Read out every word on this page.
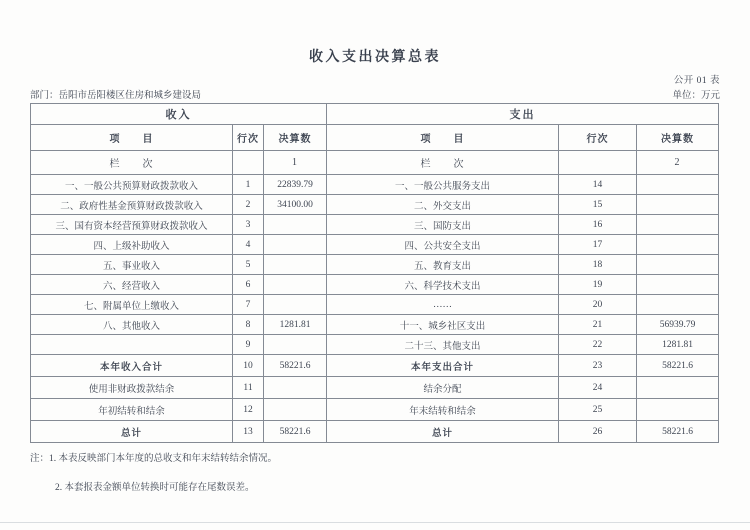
收入支出决算总表
公开 01 表
部门：岳阳市岳阳楼区住房和城乡建设局	单位：万元
收入			支出		
项　　目	行次	决算数	项　　目	行次	决算数
栏　　次		1	栏　　次		2
一、一般公共预算财政拨款收入	1	22839.79	一、一般公共服务支出	14	
二、政府性基金预算财政拨款收入	2	34100.00	二、外交支出	15	
三、国有资本经营预算财政拨款收入	3		三、国防支出	16	
四、上级补助收入	4		四、公共安全支出	17	
五、事业收入	5		五、教育支出	18	
六、经营收入	6		六、科学技术支出	19	
七、附属单位上缴收入	7		……	20	
八、其他收入	8	1281.81	十一、城乡社区支出	21	56939.79
	9		二十三、其他支出	22	1281.81
本年收入合计	10	58221.6	本年支出合计	23	58221.6
使用非财政拨款结余	11		结余分配	24	
年初结转和结余	12		年末结转和结余	25	
总计	13	58221.6	总计	26	58221.6

注：1. 本表反映部门本年度的总收支和年末结转结余情况。

2. 本套报表金额单位转换时可能存在尾数误差。
